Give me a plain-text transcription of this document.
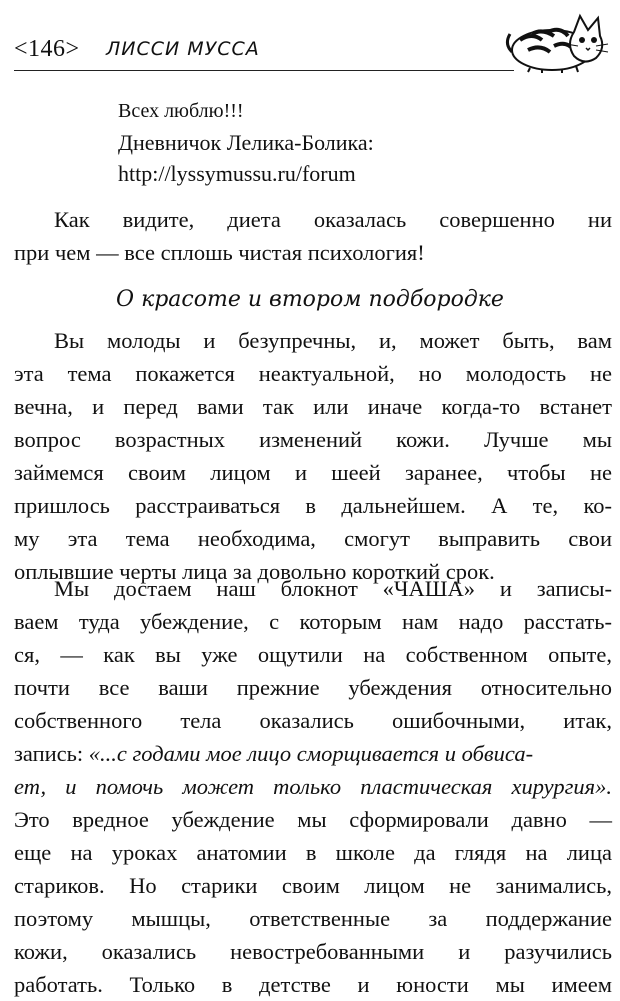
<146> ЛИССИ МУССА
Всех люблю!!!
Дневничок Лелика-Болика:
http://lyssymussu.ru/forum
Как видите, диета оказалась совершенно ни
при чем — все сплошь чистая психология!
О красоте и втором подбородке
Вы молоды и безупречны, и, может быть, вам
эта тема покажется неактуальной, но молодость не
вечна, и перед вами так или иначе когда-то встанет
вопрос возрастных изменений кожи. Лучше мы
займемся своим лицом и шеей заранее, чтобы не
пришлось расстраиваться в дальнейшем. А те, ко-
му эта тема необходима, смогут выправить свои
оплывшие черты лица за довольно короткий срок.
Мы достаем наш блокнот «ЧАША» и записы-
ваем туда убеждение, с которым нам надо расстать-
ся, — как вы уже ощутили на собственном опыте,
почти все ваши прежние убеждения относительно
собственного тела оказались ошибочными, итак,
запись: «...с годами мое лицо сморщивается и обвиса-
ет, и помочь может только пластическая хирургия».
Это вредное убеждение мы сформировали давно —
еще на уроках анатомии в школе да глядя на лица
стариков. Но старики своим лицом не занимались,
поэтому мышцы, ответственные за поддержание
кожи, оказались невостребованными и разучились
работать. Только в детстве и юности мы имеем
